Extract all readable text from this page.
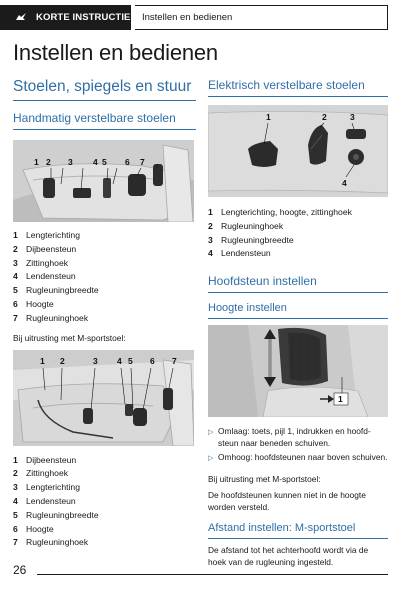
KORTE INSTRUCTIE	Instellen en bedienen
Instellen en bedienen
Stoelen, spiegels en stuur
Handmatig verstelbare stoelen
1 2 3 4 5 6 7
1 Lengterichting
2 Dijbeensteun
3 Zittinghoek
4 Lendensteun
5 Rugleuningbreedte
6 Hoogte
7 Rugleuninghoek
Bij uitrusting met M-sportstoel:
1 2	3 4 5 6 7
1 Dijbeensteun
2 Zittinghoek
3 Lengterichting
4 Lendensteun
5 Rugleuningbreedte
6 Hoogte
7 Rugleuninghoek
Elektrisch verstelbare stoelen
1	2	3
4
1 Lengterichting, hoogte, zittinghoek
2 Rugleuninghoek
3 Rugleuningbreedte
4 Lendensteun
Hoofdsteun instellen
Hoogte instellen
1
▷ Omlaag: toets, pijl 1, indrukken en hoofdsteun naar beneden schuiven.
▷ Omhoog: hoofdsteunen naar boven schuiven.
Bij uitrusting met M-sportstoel:
De hoofdsteunen kunnen niet in de hoogte worden versteld.
Afstand instellen: M-sportstoel
De afstand tot het achterhoofd wordt via de hoek van de rugleuning ingesteld.
26
